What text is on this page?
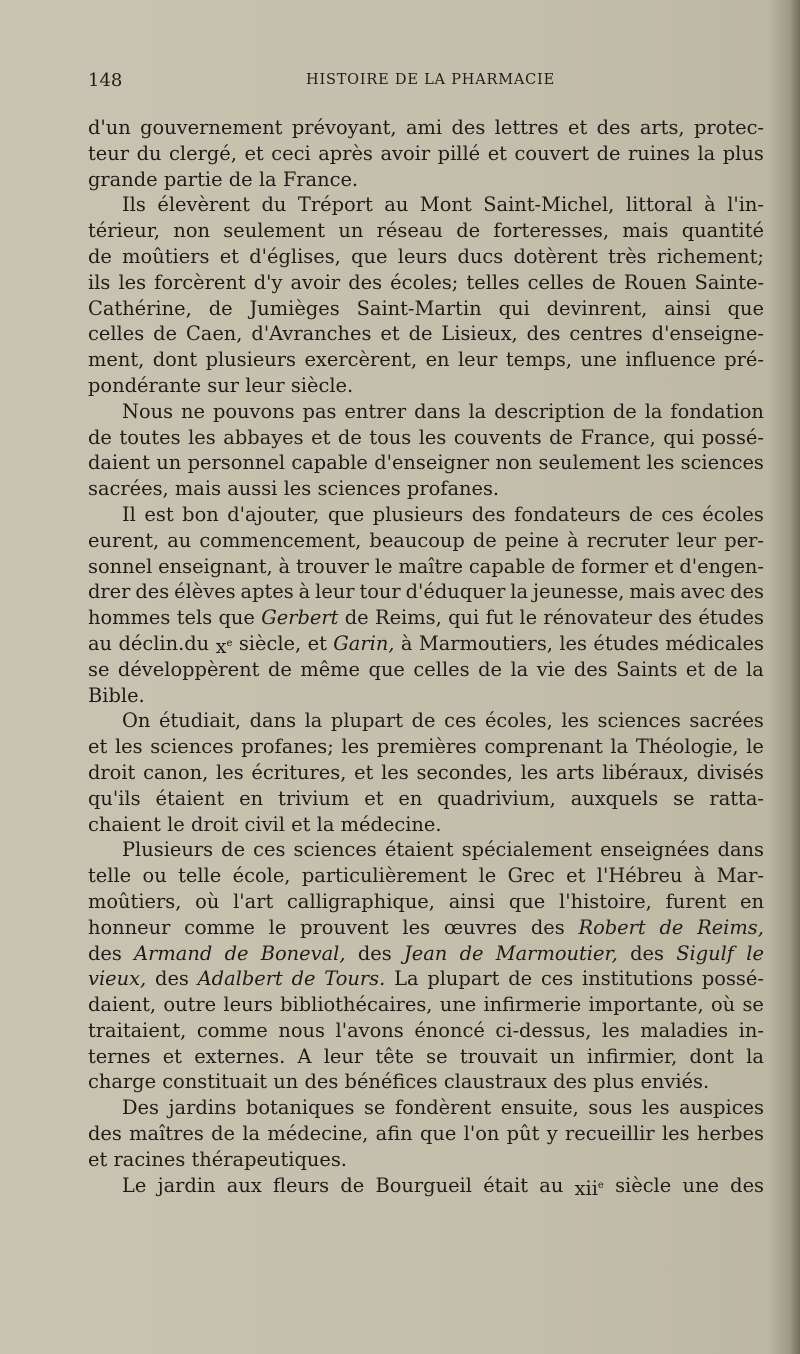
148	HISTOIRE DE LA PHARMACIE
d'un gouvernement prévoyant, ami des lettres et des arts, protec-
teur du clergé, et ceci après avoir pillé et couvert de ruines la plus
grande partie de la France.
Ils élevèrent du Tréport au Mont Saint-Michel, littoral à l'in-
térieur, non seulement un réseau de forteresses, mais quantité
de moûtiers et d'églises, que leurs ducs dotèrent très richement;
ils les forcèrent d'y avoir des écoles; telles celles de Rouen Sainte-
Cathérine, de Jumièges Saint-Martin qui devinrent, ainsi que
celles de Caen, d'Avranches et de Lisieux, des centres d'enseigne-
ment, dont plusieurs exercèrent, en leur temps, une influence pré-
pondérante sur leur siècle.
Nous ne pouvons pas entrer dans la description de la fondation
de toutes les abbayes et de tous les couvents de France, qui possé-
daient un personnel capable d'enseigner non seulement les sciences
sacrées, mais aussi les sciences profanes.
Il est bon d'ajouter, que plusieurs des fondateurs de ces écoles
eurent, au commencement, beaucoup de peine à recruter leur per-
sonnel enseignant, à trouver le maître capable de former et d'engen-
drer des élèves aptes à leur tour d'éduquer la jeunesse, mais avec des
hommes tels que Gerbert de Reims, qui fut le rénovateur des études
au déclin.du $x^e$ siècle, et Garin, à Marmoutiers, les études médicales
se développèrent de même que celles de la vie des Saints et de la
Bible.
On étudiait, dans la plupart de ces écoles, les sciences sacrées
et les sciences profanes; les premières comprenant la Théologie, le
droit canon, les écritures, et les secondes, les arts libéraux, divisés
qu'ils étaient en trivium et en quadrivium, auxquels se ratta-
chaient le droit civil et la médecine.
Plusieurs de ces sciences étaient spécialement enseignées dans
telle ou telle école, particulièrement le Grec et l'Hébreu à Mar-
moûtiers, où l'art calligraphique, ainsi que l'histoire, furent en
honneur comme le prouvent les œuvres des Robert de Reims,
des Armand de Boneval, des Jean de Marmoutier, des Sigulf le
vieux, des Adalbert de Tours. La plupart de ces institutions possé-
daient, outre leurs bibliothécaires, une infirmerie importante, où se
traitaient, comme nous l'avons énoncé ci-dessus, les maladies in-
ternes et externes. A leur tête se trouvait un infirmier, dont la
charge constituait un des bénéfices claustraux des plus enviés.
Des jardins botaniques se fondèrent ensuite, sous les auspices
des maîtres de la médecine, afin que l'on pût y recueillir les herbes
et racines thérapeutiques.
Le jardin aux fleurs de Bourgueil était au xii$^e$ siècle une des
